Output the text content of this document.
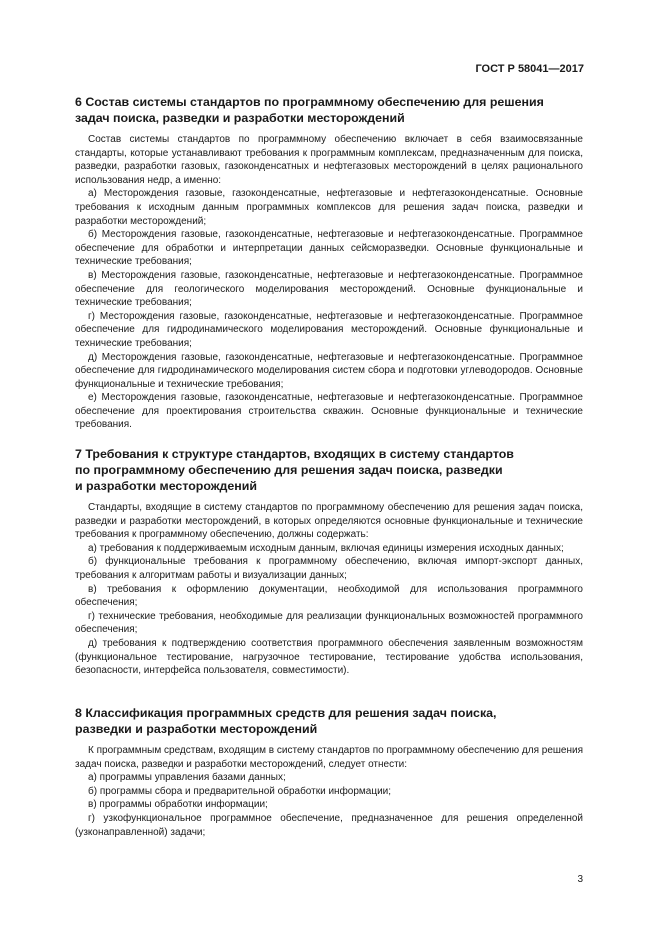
ГОСТ Р 58041—2017

6 Состав системы стандартов по программному обеспечению для решения
задач поиска, разведки и разработки месторождений

Состав системы стандартов по программному обеспечению включает в себя взаимосвязанные стандарты, которые устанавливают требования к программным комплексам, предназначенным для поиска, разведки, разработки газовых, газоконденсатных и нефтегазовых месторождений в целях рационального использования недр, а именно:

а) Месторождения газовые, газоконденсатные, нефтегазовые и нефтегазоконденсатные. Основные требования к исходным данным программных комплексов для решения задач поиска, разведки и разработки месторождений;

б) Месторождения газовые, газоконденсатные, нефтегазовые и нефтегазоконденсатные. Программное обеспечение для обработки и интерпретации данных сейсморазведки. Основные функциональные и технические требования;

в) Месторождения газовые, газоконденсатные, нефтегазовые и нефтегазоконденсатные. Программное обеспечение для геологического моделирования месторождений. Основные функциональные и технические требования;

г) Месторождения газовые, газоконденсатные, нефтегазовые и нефтегазоконденсатные. Программное обеспечение для гидродинамического моделирования месторождений. Основные функциональные и технические требования;

д) Месторождения газовые, газоконденсатные, нефтегазовые и нефтегазоконденсатные. Программное обеспечение для гидродинамического моделирования систем сбора и подготовки углеводородов. Основные функциональные и технические требования;

е) Месторождения газовые, газоконденсатные, нефтегазовые и нефтегазоконденсатные. Программное обеспечение для проектирования строительства скважин. Основные функциональные и технические требования.

7 Требования к структуре стандартов, входящих в систему стандартов
по программному обеспечению для решения задач поиска, разведки
и разработки месторождений

Стандарты, входящие в систему стандартов по программному обеспечению для решения задач поиска, разведки и разработки месторождений, в которых определяются основные функциональные и технические требования к программному обеспечению, должны содержать:

а) требования к поддерживаемым исходным данным, включая единицы измерения исходных данных;

б) функциональные требования к программному обеспечению, включая импорт-экспорт данных, требования к алгоритмам работы и визуализации данных;

в) требования к оформлению документации, необходимой для использования программного обеспечения;

г) технические требования, необходимые для реализации функциональных возможностей программного обеспечения;

д) требования к подтверждению соответствия программного обеспечения заявленным возможностям (функциональное тестирование, нагрузочное тестирование, тестирование удобства использования, безопасности, интерфейса пользователя, совместимости).

8 Классификация программных средств для решения задач поиска,
разведки и разработки месторождений

К программным средствам, входящим в систему стандартов по программному обеспечению для решения задач поиска, разведки и разработки месторождений, следует отнести:

а) программы управления базами данных;

б) программы сбора и предварительной обработки информации;

в) программы обработки информации;

г) узкофункциональное программное обеспечение, предназначенное для решения определенной (узконаправленной) задачи;

3
